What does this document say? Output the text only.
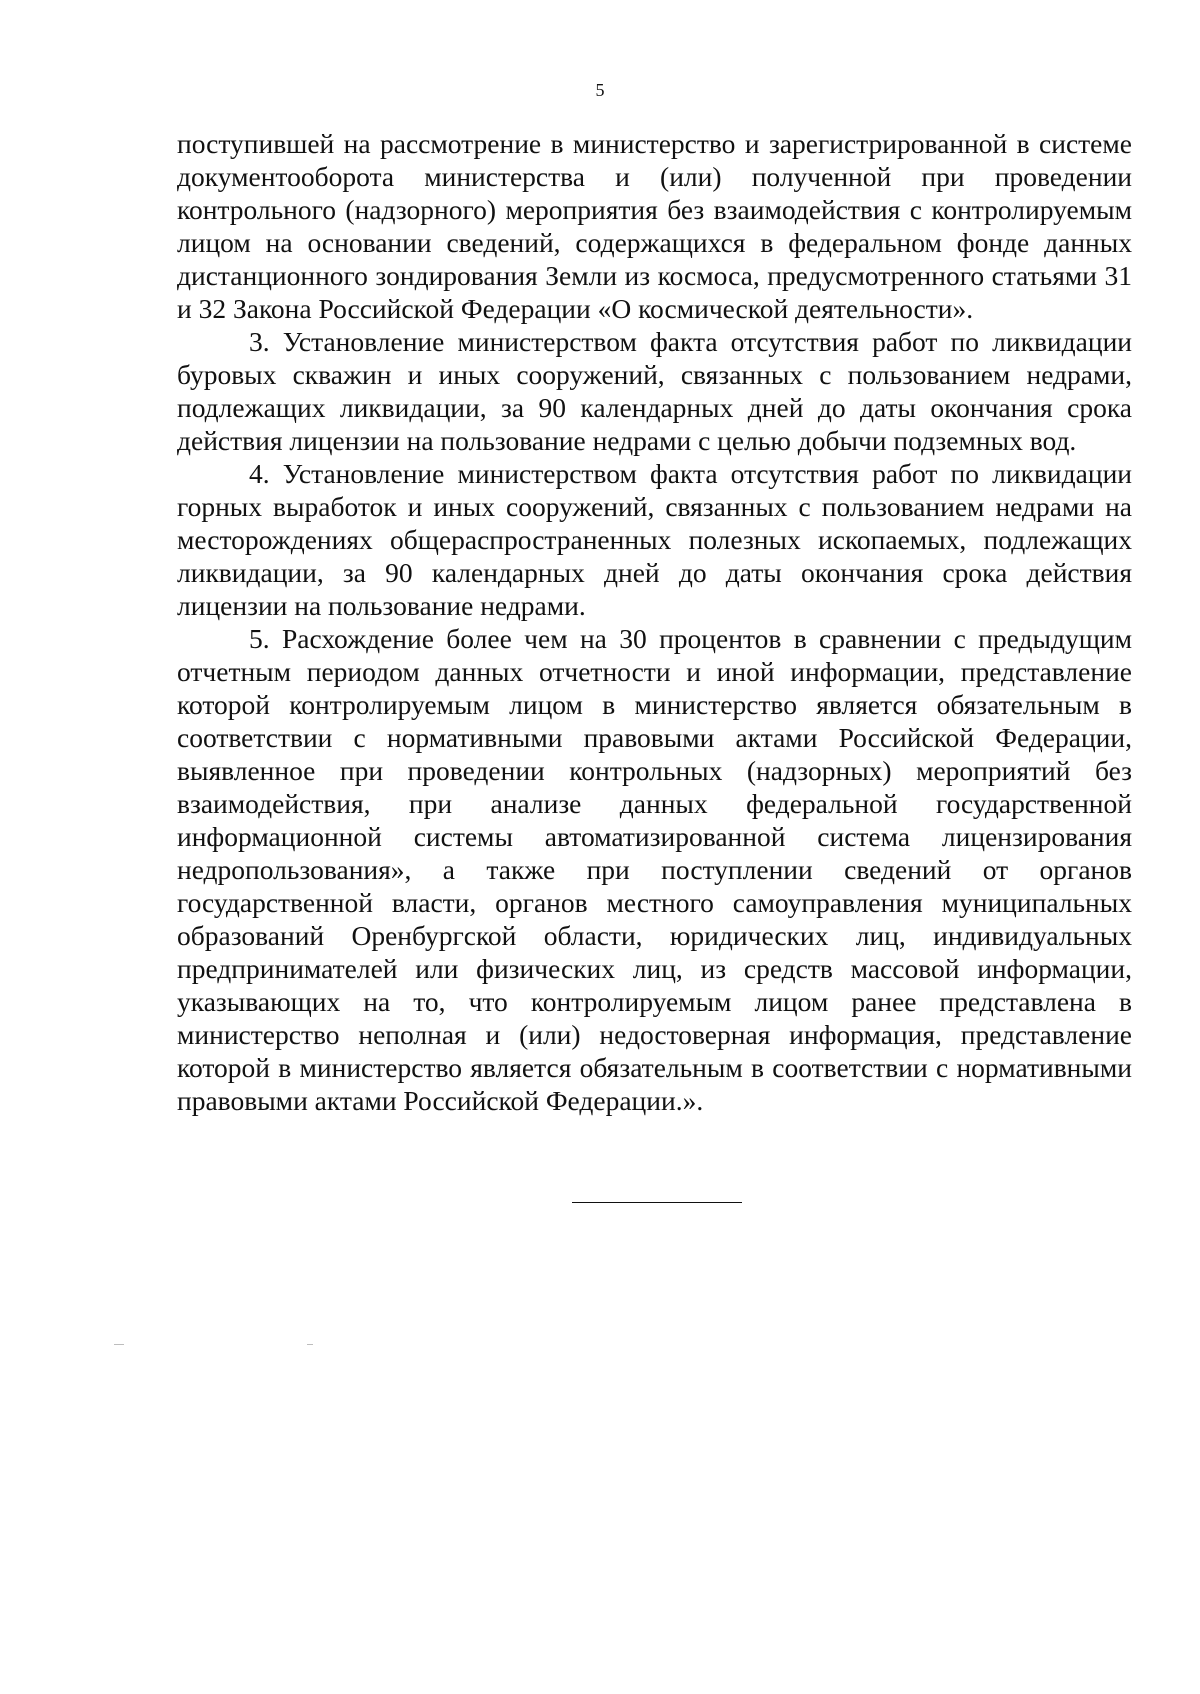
5

поступившей на рассмотрение в министерство и зарегистрированной в системе документооборота министерства и (или) полученной при проведении контрольного (надзорного) мероприятия без взаимодействия с контролируемым лицом на основании сведений, содержащихся в федеральном фонде данных дистанционного зондирования Земли из космоса, предусмотренного статьями 31 и 32 Закона Российской Федерации «О космической деятельности».

3. Установление министерством факта отсутствия работ по ликвидации буровых скважин и иных сооружений, связанных с пользованием недрами, подлежащих ликвидации, за 90 календарных дней до даты окончания срока действия лицензии на пользование недрами с целью добычи подземных вод.

4. Установление министерством факта отсутствия работ по ликвидации горных выработок и иных сооружений, связанных с пользованием недрами на месторождениях общераспространенных полезных ископаемых, подлежащих ликвидации, за 90 календарных дней до даты окончания срока действия лицензии на пользование недрами.

5. Расхождение более чем на 30 процентов в сравнении с предыдущим отчетным периодом данных отчетности и иной информации, представление которой контролируемым лицом в министерство является обязательным в соответствии с нормативными правовыми актами Российской Федерации, выявленное при проведении контрольных (надзорных) мероприятий без взаимодействия, при анализе данных федеральной государственной информационной системы автоматизированной система лицензирования недропользования», а также при поступлении сведений от органов государственной власти, органов местного самоуправления муниципальных образований Оренбургской области, юридических лиц, индивидуальных предпринимателей или физических лиц, из средств массовой информации, указывающих на то, что контролируемым лицом ранее представлена в министерство неполная и (или) недостоверная информация, представление которой в министерство является обязательным в соответствии с нормативными правовыми актами Российской Федерации.».
